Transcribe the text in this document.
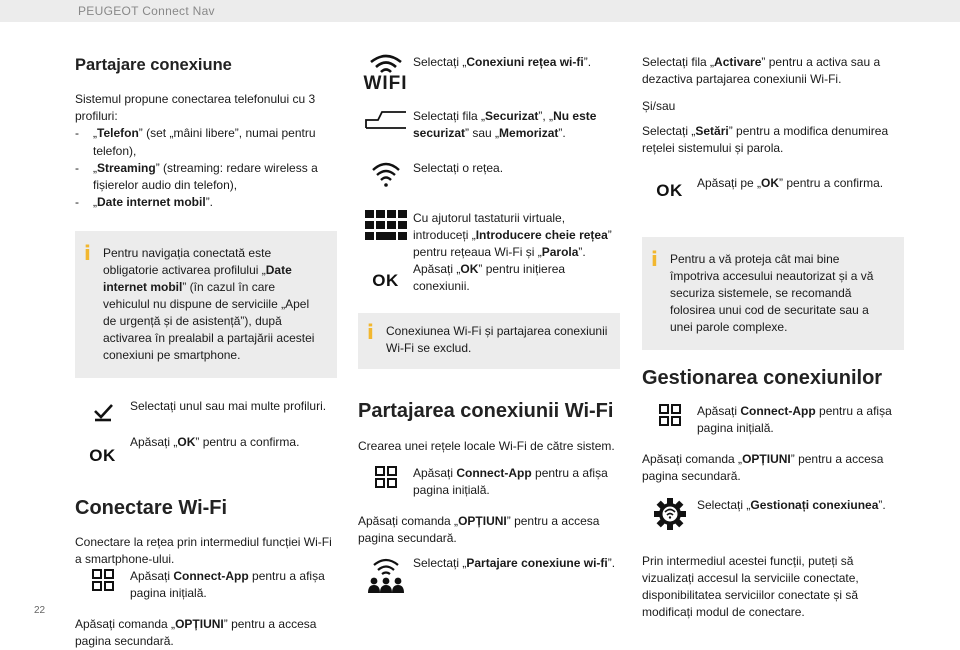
PEUGEOT Connect Nav
Partajare conexiune

Sistemul propune conectarea telefonului cu 3 profiluri:

- „Telefon” (set „mâini libere”, numai pentru telefon),
- „Streaming” (streaming: redare wireless a fișierelor audio din telefon),
- „Date internet mobil”.
i Pentru navigația conectată este obligatorie activarea profilului „Date internet mobil” (în cazul în care vehiculul nu dispune de serviciile „Apel de urgență și de asistență”), după activarea în prealabil a partajării acestei conexiuni pe smartphone.
Selectați unul sau mai multe profiluri.
OK
Apăsați „OK” pentru a confirma.
Conectare Wi-Fi

Conectare la rețea prin intermediul funcției Wi-Fi a smartphone-ului.

Apăsați Connect-App pentru a afișa pagina inițială.

Apăsați comanda „OPȚIUNI” pentru a accesa pagina secundară.

WIFI
Selectați „Conexiuni rețea wi-fi”.
Selectați fila „Securizat”, „Nu este securizat” sau „Memorizat”.
Selectați o rețea.
Cu ajutorul tastaturii virtuale, introduceți „Introducere cheie rețea” pentru rețeaua Wi-Fi și „Parola”.
OK
Apăsați „OK” pentru inițierea conexiunii.
i Conexiunea Wi-Fi și partajarea conexiunii Wi-Fi se exclud.
Partajarea conexiunii Wi-Fi

Crearea unei rețele locale Wi-Fi de către sistem.

Apăsați Connect-App pentru a afișa pagina inițială.

Apăsați comanda „OPȚIUNI” pentru a accesa pagina secundară.

Selectați „Partajare conexiune wi-fi”.

Selectați fila „Activare” pentru a activa sau a dezactiva partajarea conexiunii Wi-Fi.

Și/sau

Selectați „Setări” pentru a modifica denumirea rețelei sistemului și parola.

OK Apăsați pe „OK” pentru a confirma.
i Pentru a vă proteja cât mai bine împotriva accesului neautorizat și a vă securiza sistemele, se recomandă folosirea unui cod de securitate sau a unei parole complexe.
Gestionarea conexiunilor
Apăsați Connect-App pentru a afișa pagina inițială.

Apăsați comanda „OPȚIUNI” pentru a accesa pagina secundară.

Selectați „Gestionați conexiunea”.

Prin intermediul acestei funcții, puteți să vizualizați accesul la serviciile conectate, disponibilitatea serviciilor conectate și să modificați modul de conectare.

22
